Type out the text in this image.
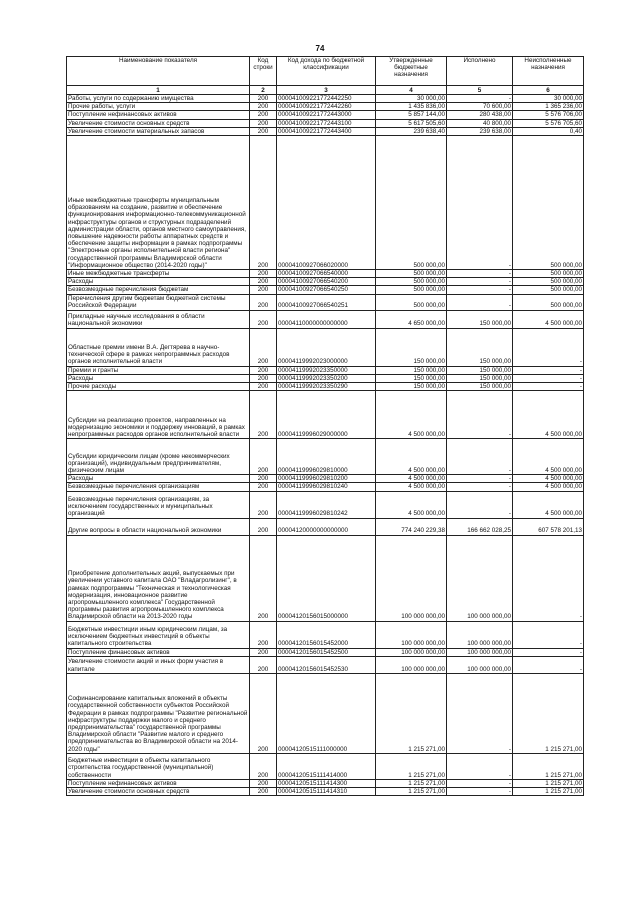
74
Наименование показателя	Код строки	Код дохода по бюджетной классификации	Утвержденные бюджетные назначения	Исполнено	Неисполненные назначения
1	2	3	4	5	6
Работы, услуги по содержанию имущества	200	000041009221772442250	30 000,00	-	30 000,00
Прочие работы, услуги	200	000041009221772442260	1 435 836,00	70 600,00	1 365 236,00
Поступление нефинансовых активов	200	000041009221772443000	5 857 144,00	280 438,00	5 576 706,00
Увеличение стоимости основных средств	200	000041009221772443100	5 617 505,60	40 800,00	5 576 705,60
Увеличение стоимости материальных запасов	200	000041009221772443400	239 638,40	239 638,00	0,40
Иные межбюджетные трансферты муниципальным образованиям на создание, развитие и обеспечение функционирования информационно-телекоммуникационной инфраструктуры органов и структурных подразделений администрации области, органов местного самоуправления, повышение надежности работы аппаратных средств и обеспечение защиты информации в рамках подпрограммы "Электронные органы исполнительной власти региона" государственной программы Владимирской области "Информационное общество (2014-2020 годы)"	200	00004100927066020000	500 000,00	-	500 000,00
Иные межбюджетные трансферты	200	00004100927066540000	500 000,00	-	500 000,00
Расходы	200	00004100927066540200	500 000,00	-	500 000,00
Безвозмездные перечисления бюджетам	200	00004100927066540250	500 000,00	-	500 000,00
Перечисления другим бюджетам бюджетной системы Российской Федерации	200	00004100927066540251	500 000,00	-	500 000,00
Прикладные научные исследования в области национальной экономики	200	00004110000000000000	4 650 000,00	150 000,00	4 500 000,00
Областные премии имени В.А. Дегтярева в научно-технической сфере в рамках непрограммных расходов органов исполнительной власти	200	00004119992023000000	150 000,00	150 000,00	-
Премии и гранты	200	00004119992023350000	150 000,00	150 000,00	-
Расходы	200	00004119992023350200	150 000,00	150 000,00	-
Прочие расходы	200	00004119992023350290	150 000,00	150 000,00	-
Субсидии на реализацию проектов, направленных на модернизацию экономики и поддержку инноваций, в рамках непрограммных расходов органов исполнительной власти	200	00004119996029000000	4 500 000,00	-	4 500 000,00
Субсидии юридическим лицам (кроме некоммерческих организаций), индивидуальным предпринимателям, физическим лицам	200	00004119996029810000	4 500 000,00	-	4 500 000,00
Расходы	200	00004119996029810200	4 500 000,00	-	4 500 000,00
Безвозмездные перечисления организациям	200	00004119996029810240	4 500 000,00	-	4 500 000,00
Безвозмездные перечисления организациям, за исключением государственных и муниципальных организаций	200	00004119996029810242	4 500 000,00	-	4 500 000,00
Другие вопросы в области национальной экономики	200	00004120000000000000	774 240 229,38	166 662 028,25	607 578 201,13
Приобретение дополнительных акций, выпускаемых при увеличении уставного капитала ОАО "Владагролизинг", в рамках подпрограммы "Техническая и технологическая модернизация, инновационное развитие агропромышленного комплекса" Государственной программы развития агропромышленного комплекса Владимирской области на 2013-2020 годы	200	00004120156015000000	100 000 000,00	100 000 000,00	-
Бюджетные инвестиции иным юридическим лицам, за исключением бюджетных инвестиций в объекты капитального строительства	200	00004120156015452000	100 000 000,00	100 000 000,00	-
Поступление финансовых активов	200	00004120156015452500	100 000 000,00	100 000 000,00	-
Увеличение стоимости акций и иных форм участия в капитале	200	00004120156015452530	100 000 000,00	100 000 000,00	-
Софинансирование капитальных вложений в объекты государственной собственности субъектов Российской Федерации в рамках подпрограммы "Развитие региональной инфраструктуры поддержки малого и среднего предпринимательства" государственной программы Владимирской области "Развитие малого и среднего предпринимательства во Владимирской области на 2014-2020 годы"	200	00004120515111000000	1 215 271,00	-	1 215 271,00
Бюджетные инвестиции в объекты капитального строительства государственной (муниципальной) собственности	200	00004120515111414000	1 215 271,00	-	1 215 271,00
Поступление нефинансовых активов	200	00004120515111414300	1 215 271,00	-	1 215 271,00
Увеличение стоимости основных средств	200	00004120515111414310	1 215 271,00	-	1 215 271,00
